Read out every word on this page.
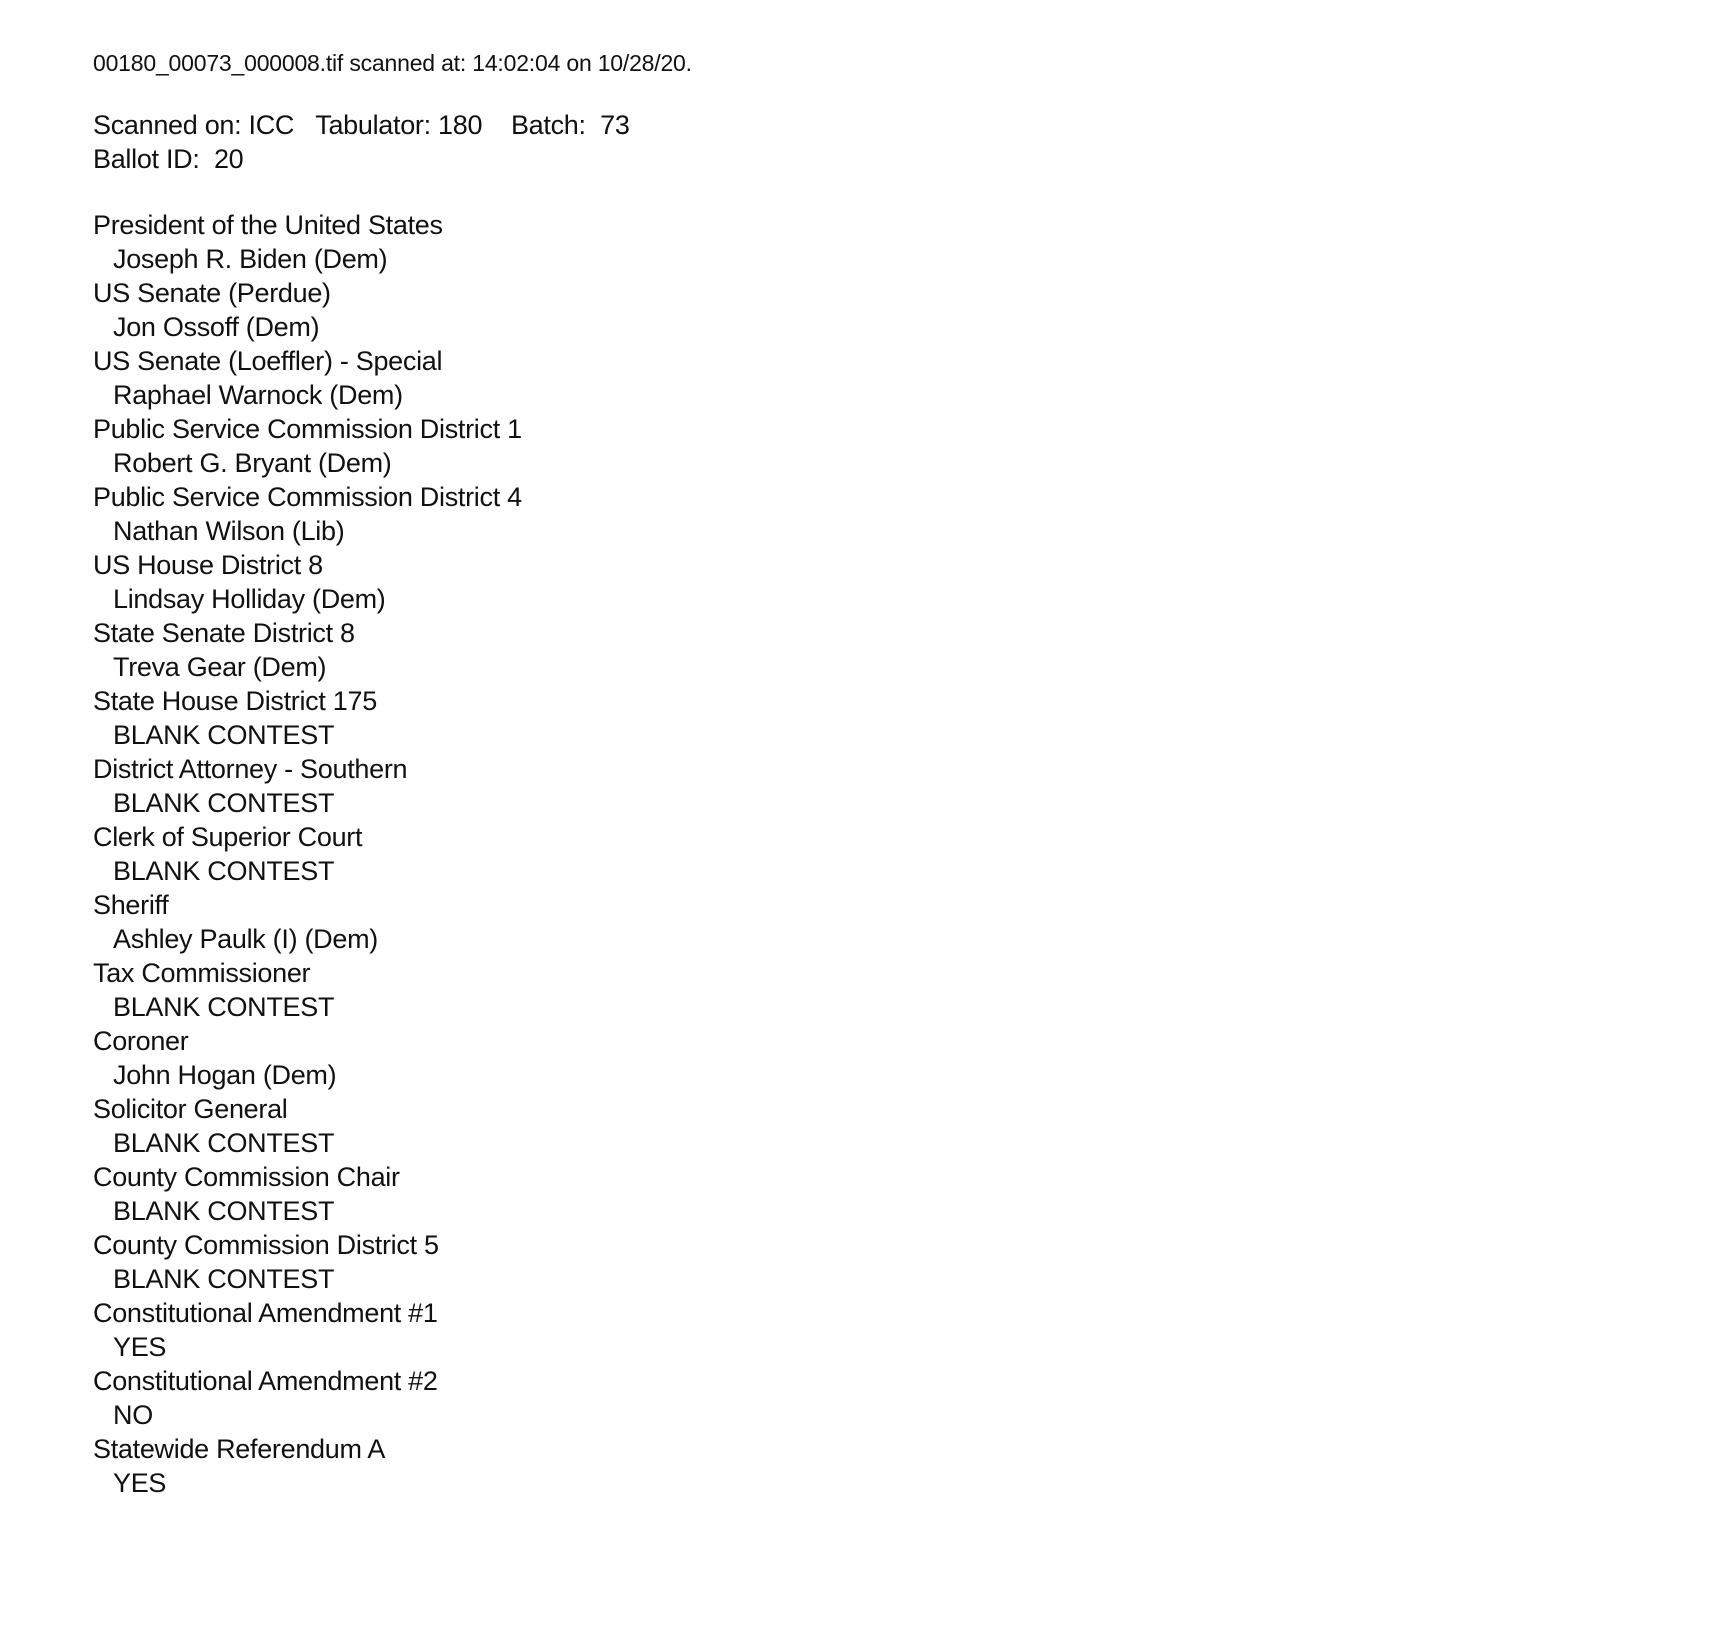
00180_00073_000008.tif scanned at: 14:02:04 on 10/28/20.

Scanned on: ICC   Tabulator: 180    Batch:  73

Ballot ID:  20

President of the United States
Joseph R. Biden (Dem)
US Senate (Perdue)
Jon Ossoff (Dem)
US Senate (Loeffler) - Special
Raphael Warnock (Dem)
Public Service Commission District 1
Robert G. Bryant (Dem)
Public Service Commission District 4
Nathan Wilson (Lib)
US House District 8
Lindsay Holliday (Dem)
State Senate District 8
Treva Gear (Dem)
State House District 175
BLANK CONTEST
District Attorney - Southern
BLANK CONTEST
Clerk of Superior Court
BLANK CONTEST
Sheriff
Ashley Paulk (I) (Dem)
Tax Commissioner
BLANK CONTEST
Coroner
John Hogan (Dem)
Solicitor General
BLANK CONTEST
County Commission Chair
BLANK CONTEST
County Commission District 5
BLANK CONTEST
Constitutional Amendment #1
YES
Constitutional Amendment #2
NO
Statewide Referendum A
YES
